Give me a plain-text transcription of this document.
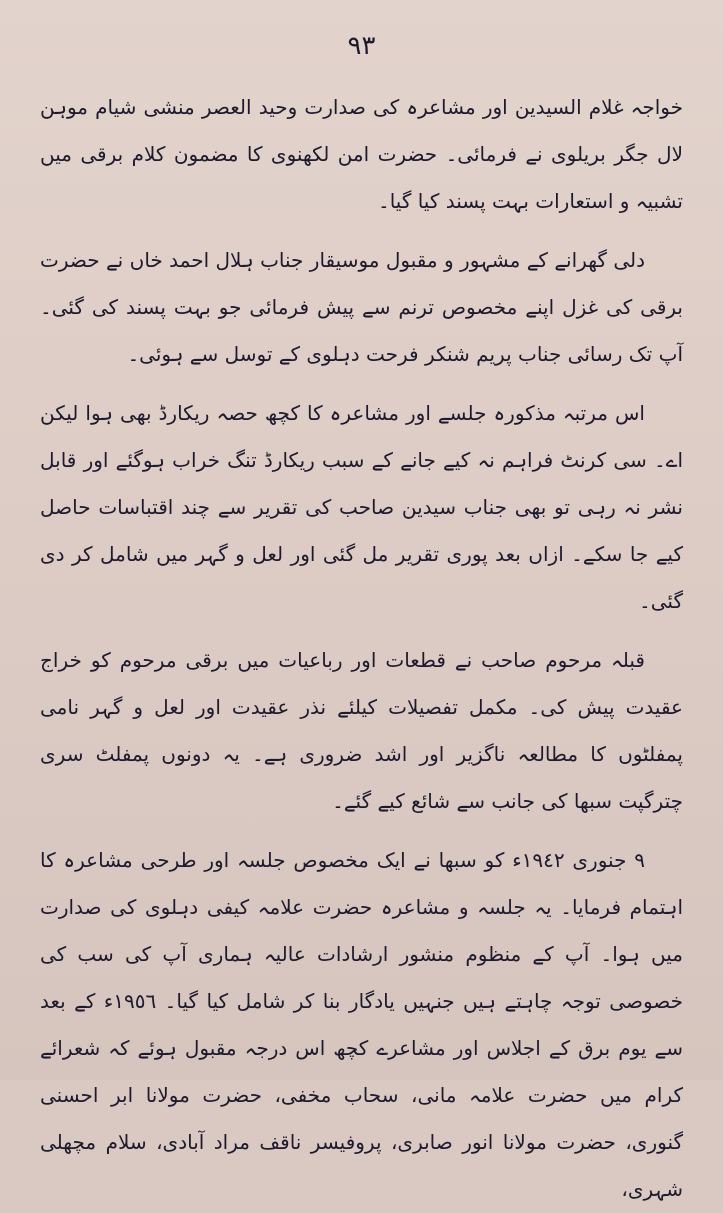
٩٣

خواجہ غلام السیدین اور مشاعرہ کی صدارت وحید العصر منشی شیام موہن لال جگر بریلوی نے فرمائی۔ حضرت امن لکھنوی کا مضمون کلام برقی میں تشبیہ و استعارات بہت پسند کیا گیا۔

دلی گھرانے کے مشہور و مقبول موسیقار جناب ہلال احمد خاں نے حضرت برقی کی غزل اپنے مخصوص ترنم سے پیش فرمائی جو بہت پسند کی گئی۔ آپ تک رسائی جناب پریم شنکر فرحت دہلوی کے توسل سے ہوئی۔

اس مرتبہ مذکورہ جلسے اور مشاعرہ کا کچھ حصہ ریکارڈ بھی ہوا لیکن اے۔ سی کرنٹ فراہم نہ کیے جانے کے سبب ریکارڈ تنگ خراب ہوگئے اور قابل نشر نہ رہی تو بھی جناب سیدین صاحب کی تقریر سے چند اقتباسات حاصل کیے جا سکے۔ ازاں بعد پوری تقریر مل گئی اور لعل و گہر میں شامل کر دی گئی۔

قبلہ مرحوم صاحب نے قطعات اور رباعیات میں برقی مرحوم کو خراج عقیدت پیش کی۔ مکمل تفصیلات کیلئے نذر عقیدت اور لعل و گہر نامی پمفلٹوں کا مطالعہ ناگزیر اور اشد ضروری ہے۔ یہ دونوں پمفلٹ سری چترگپت سبھا کی جانب سے شائع کیے گئے۔

٩ جنوری ١٩٤٢ء کو سبھا نے ایک مخصوص جلسہ اور طرحی مشاعرہ کا اہتمام فرمایا۔ یہ جلسہ و مشاعرہ حضرت علامہ کیفی دہلوی کی صدارت میں ہوا۔ آپ کے منظوم منشور ارشادات عالیہ ہماری آپ کی سب کی خصوصی توجہ چاہتے ہیں جنہیں یادگار بنا کر شامل کیا گیا۔ ١٩٥٦ء کے بعد سے یوم برق کے اجلاس اور مشاعرے کچھ اس درجہ مقبول ہوئے کہ شعرائے کرام میں حضرت علامہ مانی، سحاب مخفی، حضرت مولانا ابر احسنی گنوری، حضرت مولانا انور صابری، پروفیسر ناقف مراد آبادی، سلام مچھلی شہری،
